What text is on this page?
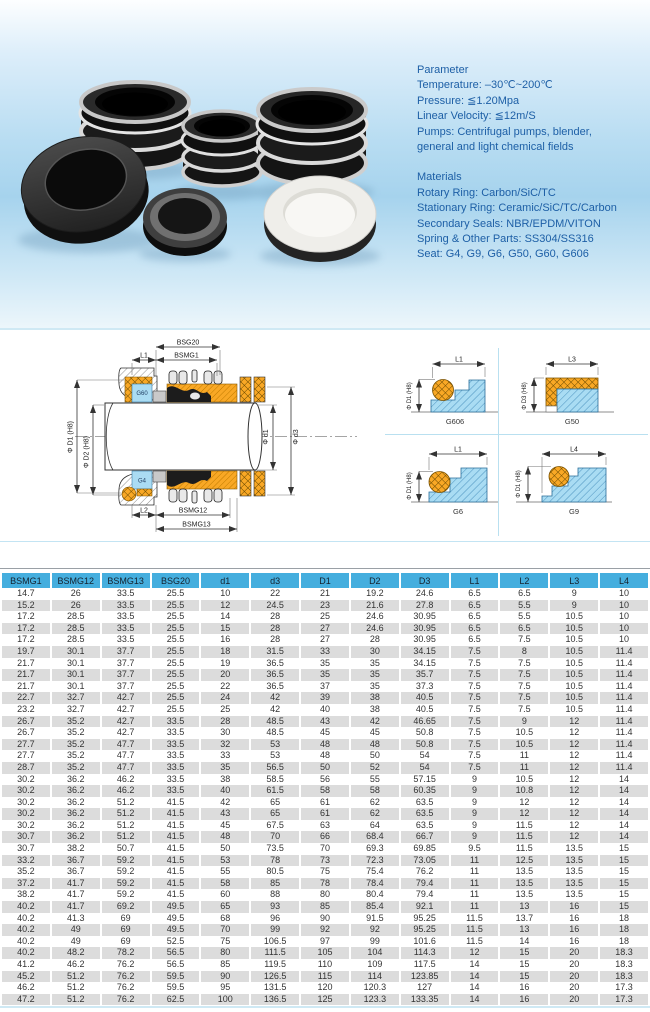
Parameter
Temperature: –30℃~200℃
Pressure: ≦1.20Mpa
Linear Velocity: ≦12m/S
Pumps: Centrifugal pumps, blender,
general and light chemical fields
Materials
Rotary Ring: Carbon/SiC/TC
Stationary Ring: Ceramic/SiC/TC/Carbon
Secondary Seals: NBR/EPDM/VITON
Spring & Other Parts: SS304/SS316
Seat: G4, G9, G6, G50, G60, G606
G60
G4
BSG20
BSMG1
L1
Φ D1 (H8) Φ D2 (H8)	Φ d1	Φ d3
L2	BSMG12
BSMG13
L1
Φ D1 (H8)
G606
L3
Φ D3 (H8)
G50
L1
Φ D1 (H8)
G6
L4
Φ D1 (H8)
G9
BSMG1	BSMG12	BSMG13	BSG20	d1	d3	D1	D2	D3	L1	L2	L3	L4
14.7	26	33.5	25.5	10	22	21	19.2	24.6	6.5	6.5	9	10
15.2	26	33.5	25.5	12	24.5	23	21.6	27.8	6.5	5.5	9	10
17.2	28.5	33.5	25.5	14	28	25	24.6	30.95	6.5	5.5	10.5	10
17.2	28.5	33.5	25.5	15	28	27	24.6	30.95	6.5	6.5	10.5	10
17.2	28.5	33.5	25.5	16	28	27	28	30.95	6.5	7.5	10.5	10
19.7	30.1	37.7	25.5	18	31.5	33	30	34.15	7.5	8	10.5	11.4
21.7	30.1	37.7	25.5	19	36.5	35	35	34.15	7.5	7.5	10.5	11.4
21.7	30.1	37.7	25.5	20	36.5	35	35	35.7	7.5	7.5	10.5	11.4
21.7	30.1	37.7	25.5	22	36.5	37	35	37.3	7.5	7.5	10.5	11.4
22.7	32.7	42.7	25.5	24	42	39	38	40.5	7.5	7.5	10.5	11.4
23.2	32.7	42.7	25.5	25	42	40	38	40.5	7.5	7.5	10.5	11.4
26.7	35.2	42.7	33.5	28	48.5	43	42	46.65	7.5	9	12	11.4
26.7	35.2	42.7	33.5	30	48.5	45	45	50.8	7.5	10.5	12	11.4
27.7	35.2	47.7	33.5	32	53	48	48	50.8	7.5	10.5	12	11.4
27.7	35.2	47.7	33.5	33	53	48	50	54	7.5	11	12	11.4
28.7	35.2	47.7	33.5	35	56.5	50	52	54	7.5	11	12	11.4
30.2	36.2	46.2	33.5	38	58.5	56	55	57.15	9	10.5	12	14
30.2	36.2	46.2	33.5	40	61.5	58	58	60.35	9	10.8	12	14
30.2	36.2	51.2	41.5	42	65	61	62	63.5	9	12	12	14
30.2	36.2	51.2	41.5	43	65	61	62	63.5	9	12	12	14
30.2	36.2	51.2	41.5	45	67.5	63	64	63.5	9	11.5	12	14
30.7	36.2	51.2	41.5	48	70	66	68.4	66.7	9	11.5	12	14
30.7	38.2	50.7	41.5	50	73.5	70	69.3	69.85	9.5	11.5	13.5	15
33.2	36.7	59.2	41.5	53	78	73	72.3	73.05	11	12.5	13.5	15
35.2	36.7	59.2	41.5	55	80.5	75	75.4	76.2	11	13.5	13.5	15
37.2	41.7	59.2	41.5	58	85	78	78.4	79.4	11	13.5	13.5	15
38.2	41.7	59.2	41.5	60	88	80	80.4	79.4	11	13.5	13.5	15
40.2	41.7	69.2	49.5	65	93	85	85.4	92.1	11	13	16	15
40.2	41.3	69	49.5	68	96	90	91.5	95.25	11.5	13.7	16	18
40.2	49	69	49.5	70	99	92	92	95.25	11.5	13	16	18
40.2	49	69	52.5	75	106.5	97	99	101.6	11.5	14	16	18
40.2	48.2	78.2	56.5	80	111.5	105	104	114.3	12	15	20	18.3
41.2	46.2	76.2	56.5	85	119.5	110	109	117.5	14	15	20	18.3
45.2	51.2	76.2	59.5	90	126.5	115	114	123.85	14	15	20	18.3
46.2	51.2	76.2	59.5	95	131.5	120	120.3	127	14	16	20	17.3
47.2	51.2	76.2	62.5	100	136.5	125	123.3	133.35	14	16	20	17.3
